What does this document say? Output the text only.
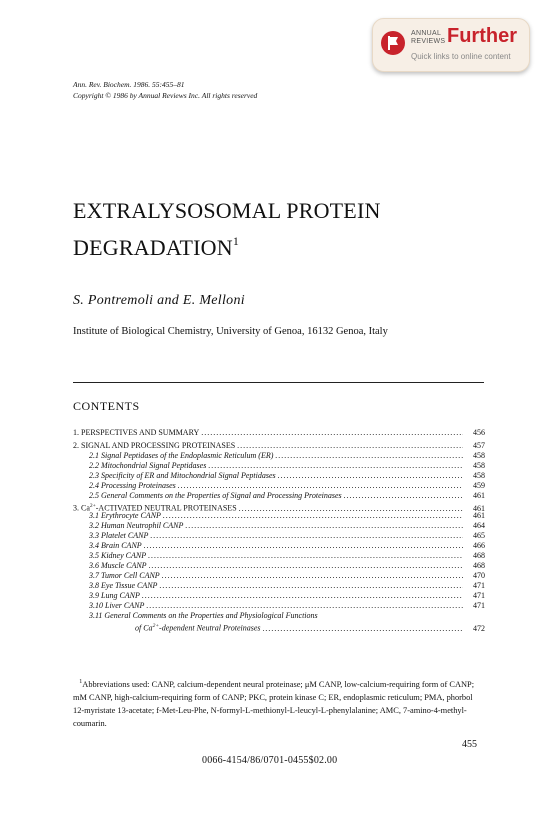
ANNUAL
REVIEWS Further
Quick links to online content
Ann. Rev. Biochem. 1986. 55:455–81
Copyright © 1986 by Annual Reviews Inc. All rights reserved
EXTRALYSOSOMAL PROTEIN
DEGRADATION$^1$
S. Pontremoli and E. Melloni
Institute of Biological Chemistry, University of Genoa, 16132 Genoa, Italy
CONTENTS
1. PERSPECTIVES AND SUMMARY .....	456
2. SIGNAL AND PROCESSING PROTEINASES .....	457
2.1 Signal Peptidases of the Endoplasmic Reticulum (ER) .....	458
2.2 Mitochondrial Signal Peptidases .....	458
2.3 Specificity of ER and Mitochondrial Signal Peptidases .....	458
2.4 Processing Proteinases .....	459
2.5 General Comments on the Properties of Signal and Processing Proteinases .....	461
3. $Ca^{2+}$-ACTIVATED NEUTRAL PROTEINASES .....	461
3.1 Erythrocyte CANP .....	461
3.2 Human Neutrophil CANP .....	464
3.3 Platelet CANP .....	465
3.4 Brain CANP .....	466
3.5 Kidney CANP .....	468
3.6 Muscle CANP .....	468
3.7 Tumor Cell CANP .....	470
3.8 Eye Tissue CANP .....	471
3.9 Lung CANP .....	471
3.10 Liver CANP .....	471
3.11 General Comments on the Properties and Physiological Functions
of $Ca^{2+}$-dependent Neutral Proteinases .....	472
$^1$Abbreviations used: CANP, calcium-dependent neural proteinase; μM CANP, low-calcium-requiring form of CANP; mM CANP, high-calcium-requiring form of CANP; PKC, protein kinase C; ER, endoplasmic reticulum; PMA, phorbol 12-myristate 13-acetate; f-Met-Leu-Phe, N-formyl-L-methionyl-L-leucyl-L-phenylalanine; AMC, 7-amino-4-methyl-coumarin.
455
0066-4154/86/0701-0455$02.00
